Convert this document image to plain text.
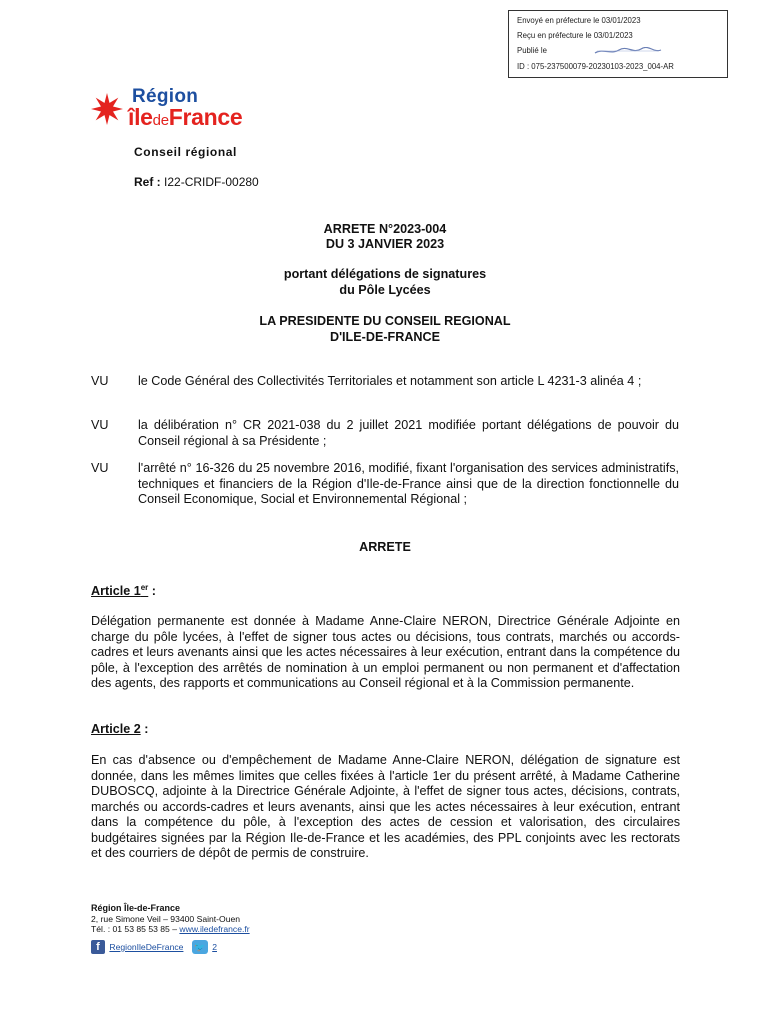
Envoyé en préfecture le 03/01/2023
Reçu en préfecture le 03/01/2023
Publié le
ID : 075-237500079-20230103-2023_004-AR
Région
îledeFrance
Conseil régional
Ref : I22-CRIDF-00280
ARRETE N°2023-004
DU 3 JANVIER 2023
portant délégations de signatures
du Pôle Lycées
LA PRESIDENTE DU CONSEIL REGIONAL
D'ILE-DE-FRANCE
VU le Code Général des Collectivités Territoriales et notamment son article L 4231-3 alinéa 4 ;
VU la délibération n° CR 2021-038 du 2 juillet 2021 modifiée portant délégations de pouvoir du Conseil régional à sa Présidente ;
VU l'arrêté n° 16-326 du 25 novembre 2016, modifié, fixant l'organisation des services administratifs, techniques et financiers de la Région d'Ile-de-France ainsi que de la direction fonctionnelle du Conseil Economique, Social et Environnemental Régional ;
ARRETE
Article 1er :
Délégation permanente est donnée à Madame Anne-Claire NERON, Directrice Générale Adjointe en charge du pôle lycées, à l'effet de signer tous actes ou décisions, tous contrats, marchés ou accords-cadres et leurs avenants ainsi que les actes nécessaires à leur exécution, entrant dans la compétence du pôle, à l'exception des arrêtés de nomination à un emploi permanent ou non permanent et d'affectation des agents, des rapports et communications au Conseil régional et à la Commission permanente.
Article 2 :
En cas d'absence ou d'empêchement de Madame Anne-Claire NERON, délégation de signature est donnée, dans les mêmes limites que celles fixées à l'article 1er du présent arrêté, à Madame Catherine DUBOSCQ, adjointe à la Directrice Générale Adjointe, à l'effet de signer tous actes, décisions, contrats, marchés ou accords-cadres et leurs avenants, ainsi que les actes nécessaires à leur exécution, entrant dans la compétence du pôle, à l'exception des actes de cession et valorisation, des circulaires budgétaires signées par la Région Ile-de-France et les académies, des PPL conjoints avec les rectorats et des courriers de dépôt de permis de construire.
Région Île-de-France
2, rue Simone Veil – 93400 Saint-Ouen
Tél. : 01 53 85 53 85 – www.iledefrance.fr
f RegionIleDeFrance 🐦 2
